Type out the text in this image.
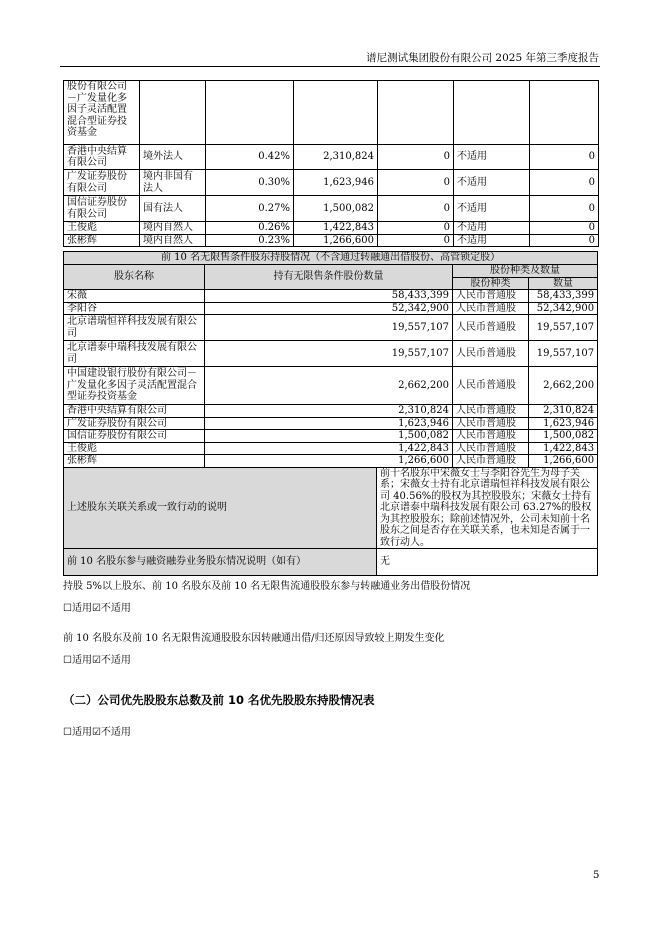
谱尼测试集团股份有限公司 2025 年第三季度报告
股份有限公司－广发量化多因子灵活配置混合型证券投资基金						
香港中央结算有限公司	境外法人	0.42%	2,310,824	0	不适用	0
广发证券股份有限公司	境内非国有法人	0.30%	1,623,946	0	不适用	0
国信证券股份有限公司	国有法人	0.27%	1,500,082	0	不适用	0
王俊彪	境内自然人	0.26%	1,422,843	0	不适用	0
张彬辉	境内自然人	0.23%	1,266,600	0	不适用	0
前 10 名无限售条件股东持股情况（不含通过转融通出借股份、高管锁定股）				
股东名称	持有无限售条件股份数量		股份种类及数量	
			股份种类	数量
宋薇	58,433,399		人民币普通股	58,433,399
李阳谷	52,342,900		人民币普通股	52,342,900
北京谱瑞恒祥科技发展有限公司	19,557,107		人民币普通股	19,557,107
北京谱泰中瑞科技发展有限公司	19,557,107		人民币普通股	19,557,107
中国建设银行股份有限公司－广发量化多因子灵活配置混合型证券投资基金	2,662,200		人民币普通股	2,662,200
香港中央结算有限公司	2,310,824		人民币普通股	2,310,824
广发证券股份有限公司	1,623,946		人民币普通股	1,623,946
国信证券股份有限公司	1,500,082		人民币普通股	1,500,082
王俊彪	1,422,843		人民币普通股	1,422,843
张彬辉	1,266,600		人民币普通股	1,266,600
上述股东关联关系或一致行动的说明		前十名股东中宋薇女士与李阳谷先生为母子关系；宋薇女士持有北京谱瑞恒祥科技发展有限公司 40.56%的股权为其控股股东；宋薇女士持有北京谱泰中瑞科技发展有限公司 63.27%的股权为其控股股东；除前述情况外，公司未知前十名股东之间是否存在关联关系，也未知是否属于一致行动人。		
前 10 名股东参与融资融券业务股东情况说明（如有）		无		
持股 5%以上股东、前 10 名股东及前 10 名无限售流通股股东参与转融通业务出借股份情况
☐适用☑不适用
前 10 名股东及前 10 名无限售流通股股东因转融通出借/归还原因导致较上期发生变化
☐适用☑不适用
（二）公司优先股股东总数及前 10 名优先股股东持股情况表
☐适用☑不适用
5
